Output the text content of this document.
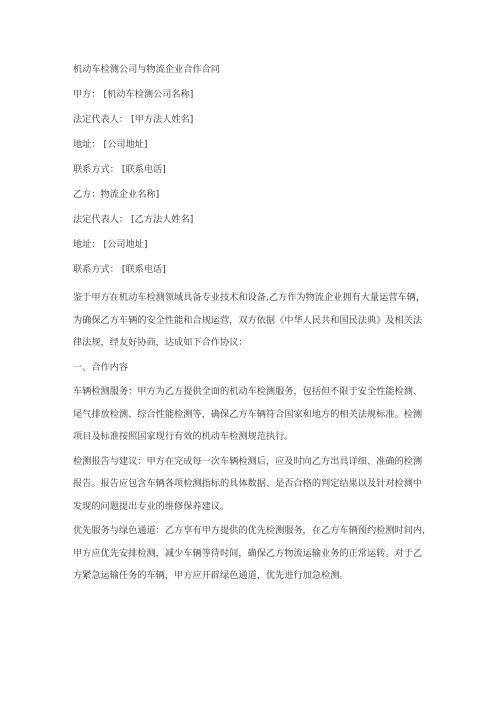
机动车检测公司与物流企业合作合同
甲方： [机动车检测公司名称]
法定代表人： [甲方法人姓名]
地址： [公司地址]
联系方式： [联系电话]
乙方：物流企业名称]
法定代表人： [乙方法人姓名]
地址： [公司地址]
联系方式： [联系电话]
鉴于甲方在机动车检测领域具备专业技术和设备,乙方作为物流企业拥有大量运营车辆，
为确保乙方车辆的安全性能和合规运营，双方依据《中华人民共和国民法典》及相关法
律法规，经友好协商，达成如下合作协议：
一、合作内容
车辆检测服务：甲方为乙方提供全面的机动车检测服务，包括但不限于安全性能检测、
尾气排放检测、综合性能检测等，确保乙方车辆符合国家和地方的相关法规标准。检测
项目及标准按照国家现行有效的机动车检测规范执行。
检测报告与建议：甲方在完成每一次车辆检测后，应及时向乙方出具详细、准确的检测
报告。报告应包含车辆各项检测指标的具体数据、是否合格的判定结果以及针对检测中
发现的问题提出专业的维修保养建议。
优先服务与绿色通道：乙方享有甲方提供的优先检测服务，在乙方车辆预约检测时间内,
甲方应优先安排检测，减少车辆等待时间，确保乙方物流运输业务的正常运转。对于乙
方紧急运输任务的车辆，甲方应开辟绿色通道，优先进行加急检测。
